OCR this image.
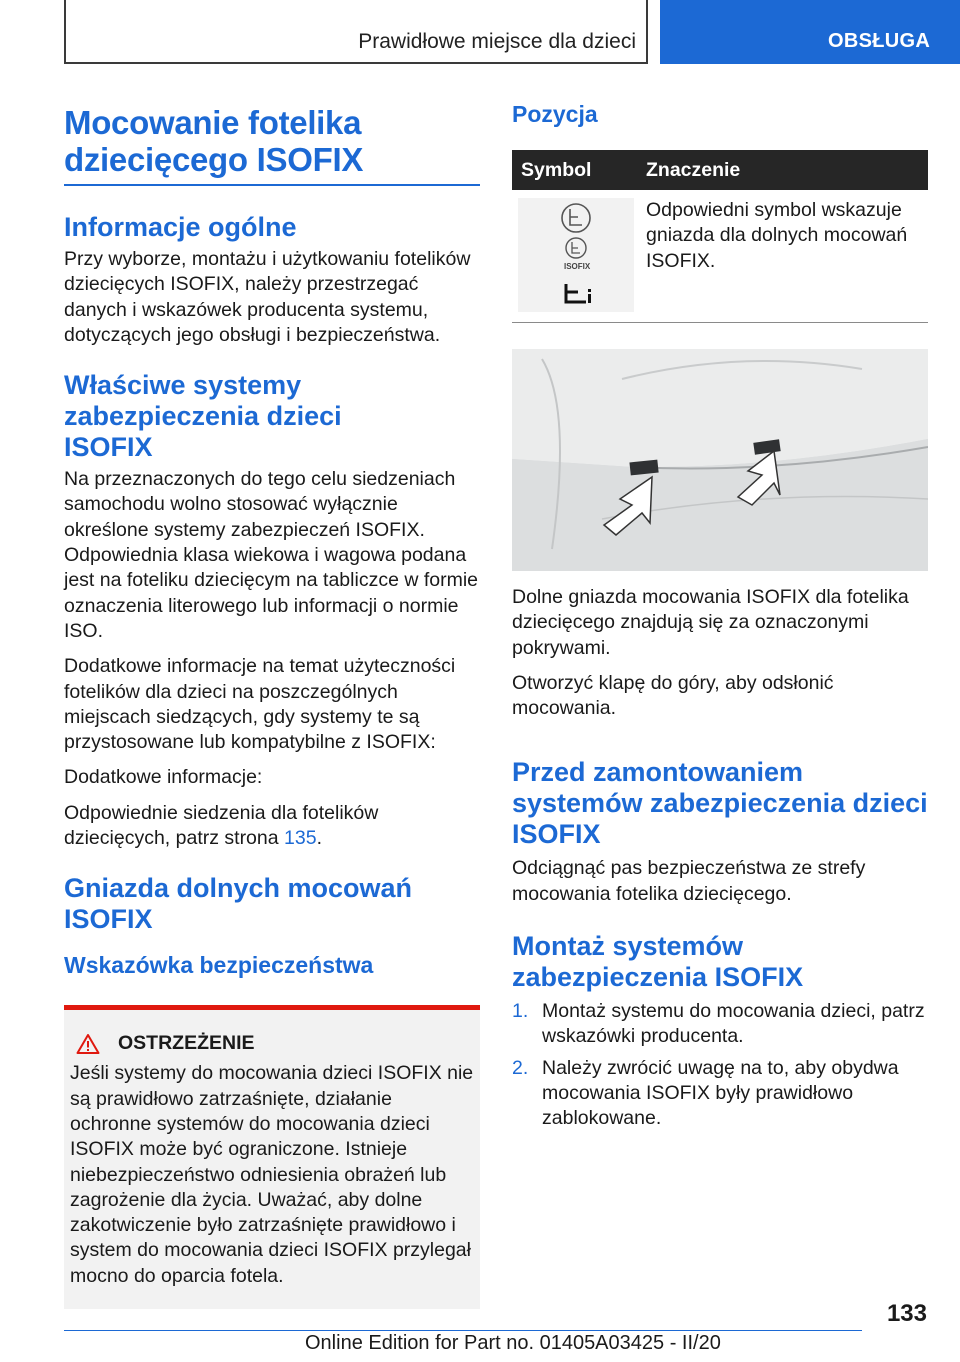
Prawidłowe miejsce dla dzieci	OBSŁUGA
Mocowanie fotelika dziecięcego ISOFIX
Informacje ogólne

Przy wyborze, montażu i użytkowaniu fotelików dziecięcych ISOFIX, należy przestrzegać danych i wskazówek producenta systemu, dotyczących jego obsługi i bezpieczeństwa.

Właściwe systemy zabezpieczenia dzieci ISOFIX

Na przeznaczonych do tego celu siedzeniach samochodu wolno stosować wyłącznie określone systemy zabezpieczeń ISOFIX. Odpowiednia klasa wiekowa i wagowa podana jest na foteliku dziecięcym na tabliczce w formie oznaczenia literowego lub informacji o normie ISO.

Dodatkowe informacje na temat użyteczności fotelików dla dzieci na poszczególnych miejscach siedzących, gdy systemy te są przystosowane lub kompatybilne z ISOFIX:

Dodatkowe informacje:

Odpowiednie siedzenia dla fotelików dziecięcych, patrz strona 135.

Gniazda dolnych mocowań ISOFIX
Wskazówka bezpieczeństwa
OSTRZEŻENIE

Jeśli systemy do mocowania dzieci ISOFIX nie są prawidłowo zatrzaśnięte, działanie ochronne systemów do mocowania dzieci ISOFIX może być ograniczone. Istnieje niebezpieczeństwo odniesienia obrażeń lub zagrożenie dla życia. Uważać, aby dolne zakotwiczenie było zatrzaśnięte prawidłowo i system do mocowania dzieci ISOFIX przylegał mocno do oparcia fotela.

Pozycja
Symbol	Znaczenie

ISOFIX	Odpowiedni symbol wskazuje gniazda dla dolnych mocowań ISOFIX.

Dolne gniazda mocowania ISOFIX dla fotelika dziecięcego znajdują się za oznaczonymi pokrywami.

Otworzyć klapę do góry, aby odsłonić mocowania.

Przed zamontowaniem systemów zabezpieczenia dzieci ISOFIX

Odciągnąć pas bezpieczeństwa ze strefy mocowania fotelika dziecięcego.

Montaż systemów zabezpieczenia ISOFIX
1. Montaż systemu do mocowania dzieci, patrz wskazówki producenta.

2. Należy zwrócić uwagę na to, aby obydwa mocowania ISOFIX były prawidłowo zablokowane.

133
Online Edition for Part no. 01405A03425 - II/20
